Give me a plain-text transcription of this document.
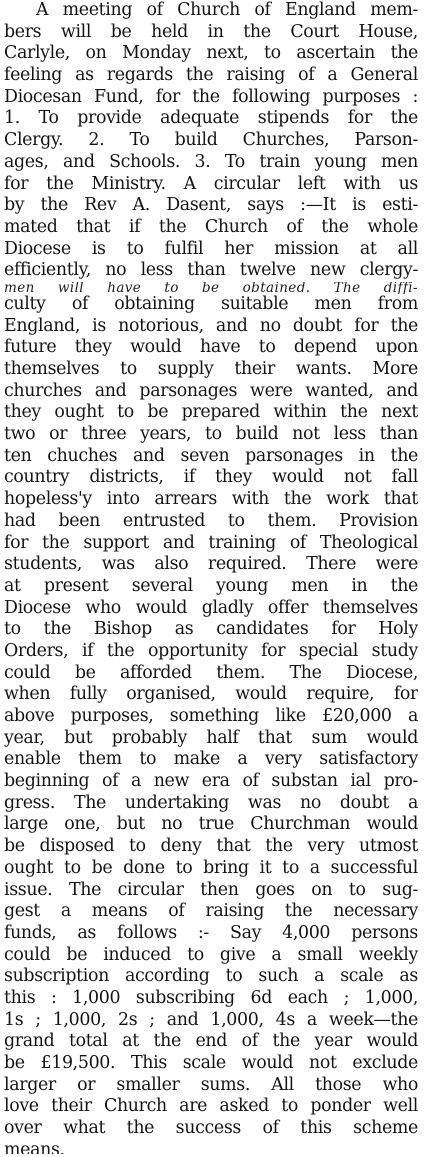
A meeting of Church of England mem-
bers will be held in the Court House,
Carlyle, on Monday next, to ascertain the
feeling as regards the raising of a General
Diocesan Fund, for the following purposes :
1. To provide adequate stipends for the
Clergy. 2. To build Churches, Parson-
ages, and Schools. 3. To train young men
for the Ministry. A circular left with us
by the Rev A. Dasent, says :—It is esti-
mated that if the Church of the whole
Diocese is to fulfil her mission at all
efficiently, no less than twelve new clergy-
men will have to be obtained. The diffi-
culty of obtaining suitable men from
England, is notorious, and no doubt for the
future they would have to depend upon
themselves to supply their wants. More
churches and parsonages were wanted, and
they ought to be prepared within the next
two or three years, to build not less than
ten chuches and seven parsonages in the
country districts, if they would not fall
hopeless'y into arrears with the work that
had been entrusted to them. Provision
for the support and training of Theological
students, was also required. There were
at present several young men in the
Diocese who would gladly offer themselves
to the Bishop as candidates for Holy
Orders, if the opportunity for special study
could be afforded them. The Diocese,
when fully organised, would require, for
above purposes, something like £20,000 a
year, but probably half that sum would
enable them to make a very satisfactory
beginning of a new era of substan ial pro-
gress. The undertaking was no doubt a
large one, but no true Churchman would
be disposed to deny that the very utmost
ought to be done to bring it to a successful
issue. The circular then goes on to sug-
gest a means of raising the necessary
funds, as follows :- Say 4,000 persons
could be induced to give a small weekly
subscription according to such a scale as
this : 1,000 subscribing 6d each ; 1,000,
1s ; 1,000, 2s ; and 1,000, 4s a week—the
grand total at the end of the year would
be £19,500. This scale would not exclude
larger or smaller sums. All those who
love their Church are asked to ponder well
over what the success of this scheme
means.
